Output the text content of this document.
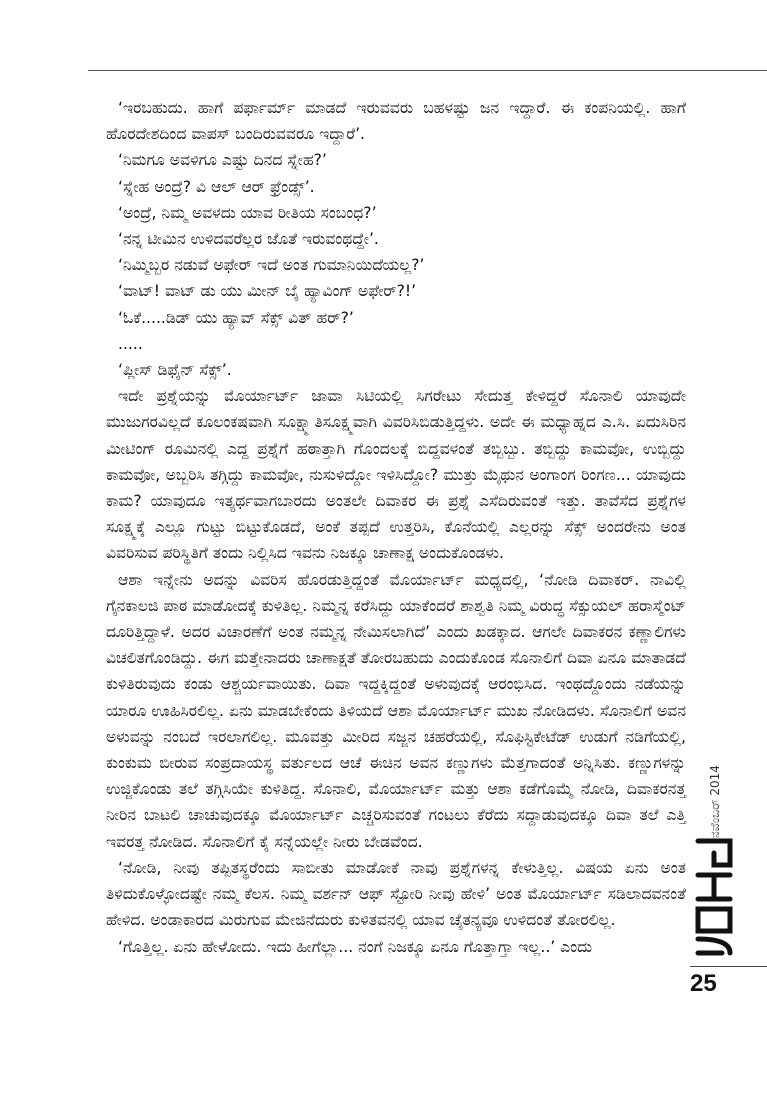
‘ಇರಬಹುದು. ಹಾಗೆ ಪರ್ಫಾರ್ಮ್ ಮಾಡದೆ ಇರುವವರು ಬಹಳಷ್ಟು ಜನ ಇದ್ದಾರೆ. ಈ ಕಂಪನಿಯಲ್ಲಿ. ಹಾಗೆ ಹೊರದೇಶದಿಂದ ವಾಪಸ್ ಬಂದಿರುವವರೂ ಇದ್ದಾರೆ’.

‘ನಿಮಗೂ ಅವಳಿಗೂ ಎಷ್ಟು ದಿನದ ಸ್ನೇಹ?’

‘ಸ್ನೇಹ ಅಂದ್ರೆ? ವಿ ಆಲ್ ಆರ್ ಫ್ರೆಂಡ್ಸ್’.

‘ಅಂದ್ರೆ, ನಿಮ್ಮ ಅವಳದು ಯಾವ ರೀತಿಯ ಸಂಬಂಧ?’

‘ನನ್ನ ಟೀಮಿನ ಉಳಿದವರೆಲ್ಲರ ಜೊತೆ ಇರುವಂಥದ್ದೇ’.

‘ನಿಮ್ಮಿಬ್ಬರ ನಡುವೆ ಅಫೇರ್ ಇದೆ ಅಂತ ಗುಮಾನಿಯಿದೆಯಲ್ಲ?’

‘ವಾಟ್! ವಾಟ್ ಡು ಯು ಮೀನ್ ಬೈ ಹ್ಯಾವಿಂಗ್ ಅಫೇರ್?!’

‘ಓಕೆ.....ಡಿಡ್ ಯು ಹ್ಯಾವ್ ಸೆಕ್ಸ್ ವಿತ್ ಹರ್?’

.....

‘ಪ್ಲೀಸ್ ಡಿಫೈನ್ ಸೆಕ್ಸ್’.

ಇದೇ ಪ್ರಶ್ನೆಯನ್ನು ಮೊರ್ಯಾರ್ಟ್ ಜಾವಾ ಸಿಟಿಯಲ್ಲಿ ಸಿಗರೇಟು ಸೇದುತ್ತ ಕೇಳಿದ್ದರೆ ಸೊನಾಲಿ ಯಾವುದೇ ಮುಜುಗರವಿಲ್ಲದೆ ಕೂಲಂಕಷವಾಗಿ ಸೂಕ್ಷ್ಮಾತಿಸೂಕ್ಷ್ಮವಾಗಿ ವಿವರಿಸಿಬಿಡುತ್ತಿದ್ದಳು. ಅದೇ ಈ ಮಧ್ಯಾಹ್ನದ ಎ.ಸಿ. ಏದುಸಿರಿನ ಮೀಟಿಂಗ್ ರೂಮಿನಲ್ಲಿ ಎದ್ದ ಪ್ರಶ್ನೆಗೆ ಹಠಾತ್ತಾಗಿ ಗೊಂದಲಕ್ಕೆ ಬಿದ್ದವಳಂತೆ ತಬ್ಬಿಬ್ಬು. ತಬ್ಬಿದ್ದು ಕಾಮವೋ, ಉಬ್ಬಿದ್ದು ಕಾಮವೋ, ಅಬ್ಬರಿಸಿ ತಗ್ಗಿದ್ದು ಕಾಮವೋ, ನುಸುಳಿದ್ದೋ ಇಳಿಸಿದ್ದೋ? ಮುತ್ತು ಮೈಥುನ ಅಂಗಾಂಗ ರಿಂಗಣ... ಯಾವುದು ಕಾಮ? ಯಾವುದೂ ಇತ್ಯರ್ಥವಾಗಬಾರದು ಅಂತಲೇ ದಿವಾಕರ ಈ ಪ್ರಶ್ನೆ ಎಸೆದಿರುವಂತೆ ಇತ್ತು. ತಾವೆಸೆದ ಪ್ರಶ್ನೆಗಳ ಸೂಕ್ಷ್ಮಕ್ಕೆ ಎಲ್ಲೂ ಗುಟ್ಟು ಬಿಟ್ಟುಕೊಡದೆ, ಅಂಕೆ ತಪ್ಪದೆ ಉತ್ತರಿಸಿ, ಕೊನೆಯಲ್ಲಿ ಎಲ್ಲರನ್ನು ಸೆಕ್ಸ್ ಅಂದರೇನು ಅಂತ ವಿವರಿಸುವ ಪರಿಸ್ಥಿತಿಗೆ ತಂದು ನಿಲ್ಲಿಸಿದ ಇವನು ನಿಜಕ್ಕೂ ಚಾಣಾಕ್ಷ ಅಂದುಕೊಂಡಳು.

ಆಶಾ ಇನ್ನೇನು ಅದನ್ನು ವಿವರಿಸ ಹೊರಡುತ್ತಿದ್ದಂತೆ ಮೊರ್ಯಾರ್ಟ್ ಮಧ್ಯದಲ್ಲಿ, ‘ನೋಡಿ ದಿವಾಕರ್. ನಾವಿಲ್ಲಿ ಗೈನಕಾಲಜಿ ಪಾಠ ಮಾಡೋದಕ್ಕೆ ಕುಳಿತಿಲ್ಲ. ನಿಮ್ಮನ್ನ ಕರೆಸಿದ್ದು ಯಾಕೆಂದರೆ ಶಾಶ್ವತಿ ನಿಮ್ಮ ವಿರುದ್ಧ ಸೆಕ್ಸುಯಲ್ ಹರಾಸ್ಮೆಂಟ್ ದೂರಿತ್ತಿದ್ದಾಳೆ. ಅದರ ವಿಚಾರಣೆಗೆ ಅಂತ ನಮ್ಮನ್ನ ನೇಮಿಸಲಾಗಿದೆ’ ಎಂದು ಖಡಕ್ಕಾದ. ಆಗಲೇ ದಿವಾಕರನ ಕಣ್ಣಾಲಿಗಳು ವಿಚಲಿತಗೊಂಡಿದ್ದು. ಈಗ ಮತ್ತೇನಾದರು ಚಾಣಾಕ್ಷತೆ ತೋರಬಹುದು ಎಂದುಕೊಂಡ ಸೊನಾಲಿಗೆ ದಿವಾ ಏನೂ ಮಾತಾಡದೆ ಕುಳಿತಿರುವುದು ಕಂಡು ಆಶ್ಚರ್ಯವಾಯಿತು. ದಿವಾ ಇದ್ದಕ್ಕಿದ್ದಂತೆ ಅಳುವುದಕ್ಕೆ ಆರಂಭಿಸಿದ. ಇಂಥದ್ದೊಂದು ನಡೆಯನ್ನು ಯಾರೂ ಊಹಿಸಿರಲಿಲ್ಲ. ಏನು ಮಾಡಬೇಕೆಂದು ತಿಳಿಯದೆ ಆಶಾ ಮೊರ್ಯಾರ್ಟ್ ಮುಖ ನೋಡಿದಳು. ಸೊನಾಲಿಗೆ ಅವನ ಅಳುವನ್ನು ನಂಬದೆ ಇರಲಾಗಲಿಲ್ಲ. ಮೂವತ್ತು ಮೀರಿದ ಸಜ್ಜನ ಚಹರೆಯಲ್ಲಿ, ಸೊಫಿಸ್ಟಿಕೇಟೆಡ್ ಉಡುಗೆ ನಡಿಗೆಯಲ್ಲಿ, ಕುಂಕುಮ ಬೀರುವ ಸಂಪ್ರದಾಯಸ್ಥ ವರ್ತುಲದ ಆಚೆ ಈಚಿನ ಅವನ ಕಣ್ಣುಗಳು ಮೆತ್ತಗಾದಂತೆ ಅನ್ನಿಸಿತು. ಕಣ್ಣುಗಳನ್ನು ಉಜ್ಜಿಕೊಂಡು ತಲೆ ತಗ್ಗಿಸಿಯೇ ಕುಳಿತಿದ್ದ. ಸೊನಾಲಿ, ಮೊರ್ಯಾರ್ಟ್ ಮತ್ತು ಆಶಾ ಕಡೆಗೊಮ್ಮೆ ನೋಡಿ, ದಿವಾಕರನತ್ತ ನೀರಿನ ಬಾಟಲಿ ಚಾಚುವುದಕ್ಕೂ ಮೊರ್ಯಾರ್ಟ್ ಎಚ್ಚರಿಸುವಂತೆ ಗಂಟಲು ಕೆರೆದು ಸದ್ದಾಡುವುದಕ್ಕೂ ದಿವಾ ತಲೆ ಎತ್ತಿ ಇವರತ್ತ ನೋಡಿದ. ಸೊನಾಲಿಗೆ ಕೈ ಸನ್ನೆಯಲ್ಲೇ ನೀರು ಬೇಡವೆಂದ.

‘ನೋಡಿ, ನೀವು ತಪ್ಪಿತಸ್ಥರೆಂದು ಸಾಬೀತು ಮಾಡೋಕೆ ನಾವು ಪ್ರಶ್ನೆಗಳನ್ನ ಕೇಳುತ್ತಿಲ್ಲ. ವಿಷಯ ಏನು ಅಂತ ತಿಳಿದುಕೊಳ್ಳೋದಷ್ಟೇ ನಮ್ಮ ಕೆಲಸ. ನಿಮ್ಮ ವರ್ಶನ್ ಆಫ್ ಸ್ಟೋರಿ ನೀವು ಹೇಳಿ’ ಅಂತ ಮೊರ್ಯಾರ್ಟ್ ಸಡಿಲಾದವನಂತೆ ಹೇಳಿದ. ಅಂಡಾಕಾರದ ಮಿರುಗುವ ಮೇಜಿನೆದುರು ಕುಳಿತವನಲ್ಲಿ ಯಾವ ಚೈತನ್ಯವೂ ಉಳಿದಂತೆ ತೋರಲಿಲ್ಲ.

‘ಗೊತ್ತಿಲ್ಲ. ಏನು ಹೇಳೋದು. ಇದು ಹೀಗೆಲ್ಲಾ... ನಂಗೆ ನಿಜಕ್ಕೂ ಏನೂ ಗೊತ್ತಾಗ್ತಾ ಇಲ್ಲ..’ ಎಂದು

ನವೆಂಬರ್ 2014
25
